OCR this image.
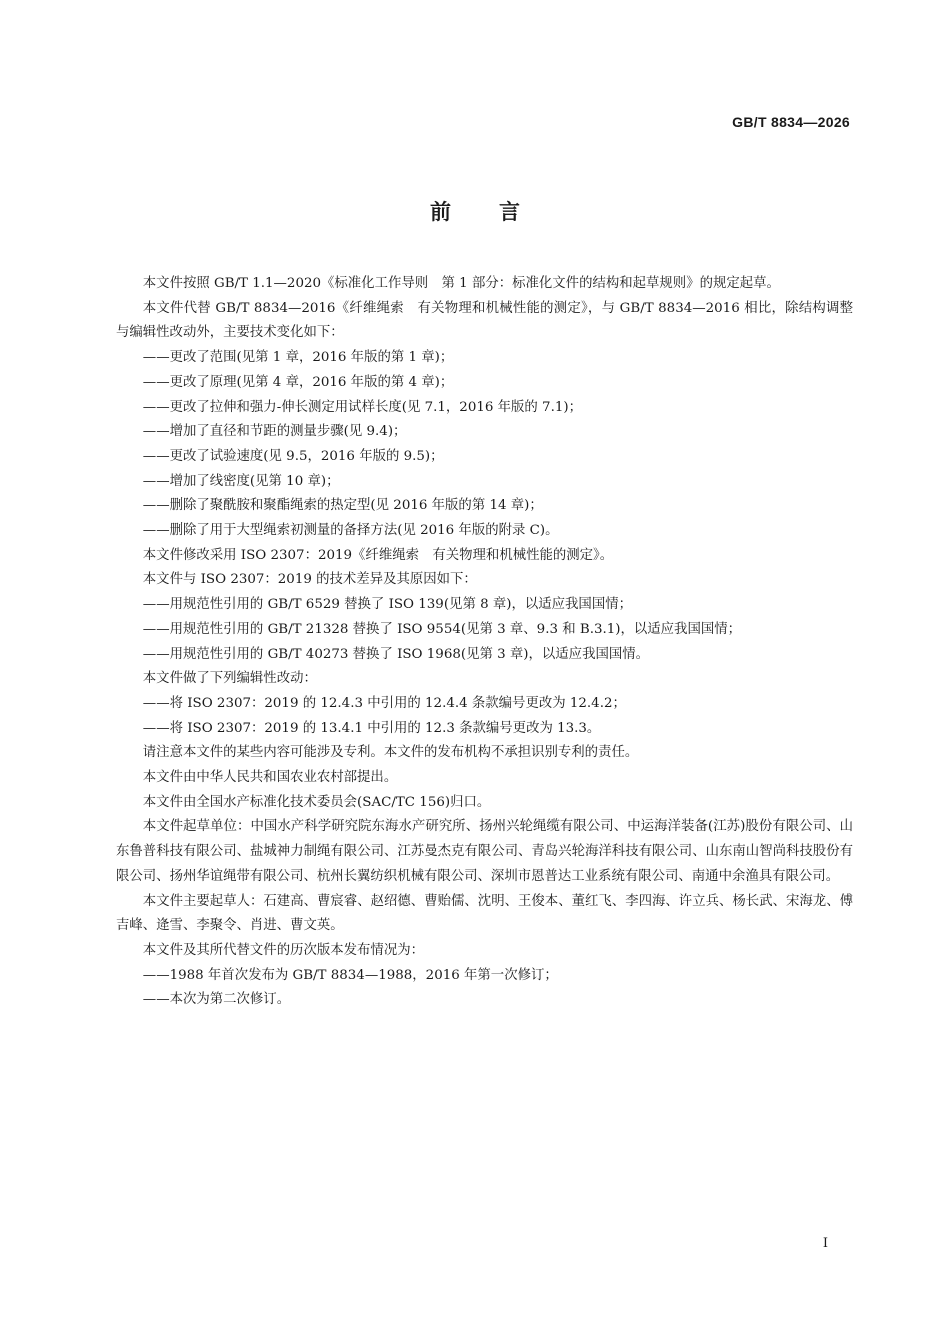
GB/T 8834—2026
前言

本文件按照 GB/T 1.1—2020《标准化工作导则　第 1 部分：标准化文件的结构和起草规则》的规定起草。

本文件代替 GB/T 8834—2016《纤维绳索　有关物理和机械性能的测定》，与 GB/T 8834—2016 相比，除结构调整与编辑性改动外，主要技术变化如下：

——更改了范围(见第 1 章，2016 年版的第 1 章)；

——更改了原理(见第 4 章，2016 年版的第 4 章)；

——更改了拉伸和强力-伸长测定用试样长度(见 7.1，2016 年版的 7.1)；

——增加了直径和节距的测量步骤(见 9.4)；

——更改了试验速度(见 9.5，2016 年版的 9.5)；

——增加了线密度(见第 10 章)；

——删除了聚酰胺和聚酯绳索的热定型(见 2016 年版的第 14 章)；

——删除了用于大型绳索初测量的备择方法(见 2016 年版的附录 C)。

本文件修改采用 ISO 2307：2019《纤维绳索　有关物理和机械性能的测定》。

本文件与 ISO 2307：2019 的技术差异及其原因如下：

——用规范性引用的 GB/T 6529 替换了 ISO 139(见第 8 章)，以适应我国国情；

——用规范性引用的 GB/T 21328 替换了 ISO 9554(见第 3 章、9.3 和 B.3.1)，以适应我国国情；

——用规范性引用的 GB/T 40273 替换了 ISO 1968(见第 3 章)，以适应我国国情。

本文件做了下列编辑性改动：

——将 ISO 2307：2019 的 12.4.3 中引用的 12.4.4 条款编号更改为 12.4.2；

——将 ISO 2307：2019 的 13.4.1 中引用的 12.3 条款编号更改为 13.3。

请注意本文件的某些内容可能涉及专利。本文件的发布机构不承担识别专利的责任。

本文件由中华人民共和国农业农村部提出。

本文件由全国水产标准化技术委员会(SAC/TC 156)归口。

本文件起草单位：中国水产科学研究院东海水产研究所、扬州兴轮绳缆有限公司、中运海洋装备(江苏)股份有限公司、山东鲁普科技有限公司、盐城神力制绳有限公司、江苏曼杰克有限公司、青岛兴轮海洋科技有限公司、山东南山智尚科技股份有限公司、扬州华谊绳带有限公司、杭州长翼纺织机械有限公司、深圳市恩普达工业系统有限公司、南通中余渔具有限公司。

本文件主要起草人：石建高、曹宸睿、赵绍德、曹贻儒、沈明、王俊本、董红飞、李四海、许立兵、杨长武、宋海龙、傅吉峰、逄雪、李聚令、肖进、曹文英。

本文件及其所代替文件的历次版本发布情况为：

——1988 年首次发布为 GB/T 8834—1988，2016 年第一次修订；

——本次为第二次修订。

I
